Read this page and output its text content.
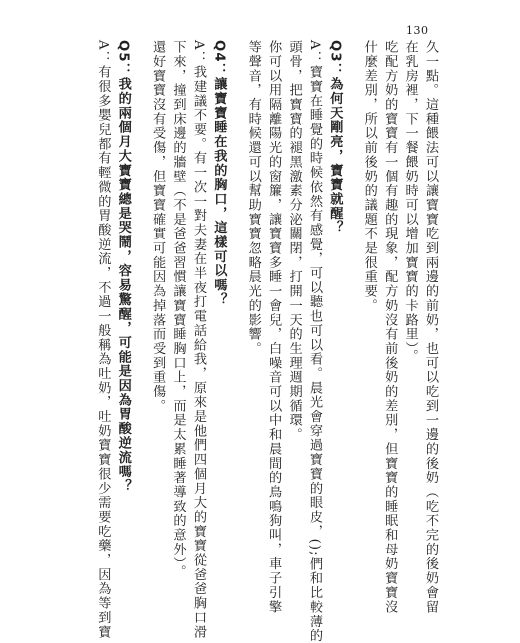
130
久一點。這種餵法可以讓寶寶吃到兩邊的前奶，也可以吃到一邊的後奶（吃不完的後奶會留
在乳房裡，下一餐餵奶時可以增加寶寶的卡路里）。
吃配方奶的寶寶有一個有趣的現象，配方奶沒有前後奶的差別，但寶寶的睡眠和母奶寶寶沒
什麼差別，所以前後奶的議題不是很重要。
Q3：為何天剛亮，寶寶就醒？
A：寶寶在睡覺的時候依然有感覺，可以聽也可以看。晨光會穿過寶寶的眼皮，();們和比較薄的
頭骨，把寶寶的褪黑激素分泌關閉，打開一天的生理週期循環。
你可以用隔離陽光的窗簾，讓寶寶多睡一會兒，白噪音可以中和晨間的鳥鳴狗叫，車子引擎
等聲音，有時候還可以幫助寶寶忽略晨光的影響。
Q4：讓寶寶睡在我的胸口，這樣可以嗎？
A：我建議不要。有一次一對夫妻在半夜打電話給我，原來是他們四個月大的寶寶從爸爸胸口滑
下來，撞到床邊的牆壁（不是爸爸習慣讓寶寶睡胸口上，而是太累睡著導致的意外）。
還好寶寶沒有受傷，但寶寶確實可能因為掉落而受到重傷。
Q5：我的兩個月大寶寶總是哭鬧，容易驚醒，可能是因為胃酸逆流嗎？
A：有很多嬰兒都有輕微的胃酸逆流，不過一般稱為吐奶，吐奶寶寶很少需要吃藥，因為等到寶
